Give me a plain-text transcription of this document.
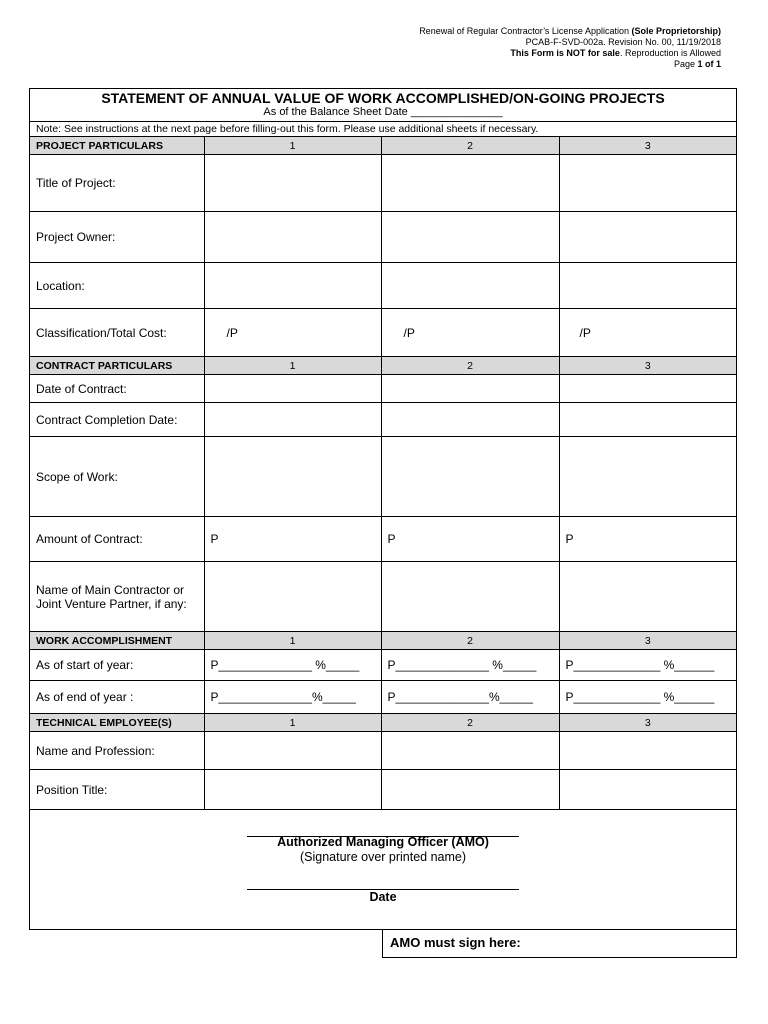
Renewal of Regular Contractor’s License Application (Sole Proprietorship)
PCAB-F-SVD-002a. Revision No. 00, 11/19/2018
This Form is NOT for sale. Reproduction is Allowed
Page 1 of 1
STATEMENT OF ANNUAL VALUE OF WORK ACCOMPLISHED/ON-GOING PROJECTS
As of the Balance Sheet Date _______________
Note: See instructions at the next page before filling-out this form. Please use additional sheets if necessary.
PROJECT PARTICULARS	1	2	3
Title of Project:			
Project Owner:			
Location:			
Classification/Total Cost:	/P	/P	/P
CONTRACT PARTICULARS	1	2	3
Date of Contract:			
Contract Completion Date:			
Scope of Work:			
Amount of Contract:	P	P	P
Name of Main Contractor or Joint Venture Partner, if any:			
WORK ACCOMPLISHMENT	1	2	3
As of start of year:	P______________ %_____	P______________ %_____	P_____________ %______
As of end of year :	P______________%_____	P______________%_____	P_____________ %______
TECHNICAL EMPLOYEE(S)	1	2	3
Name and Profession:			
Position Title:			
Authorized Managing Officer (AMO)
(Signature over printed name)
Date
AMO must sign here:
